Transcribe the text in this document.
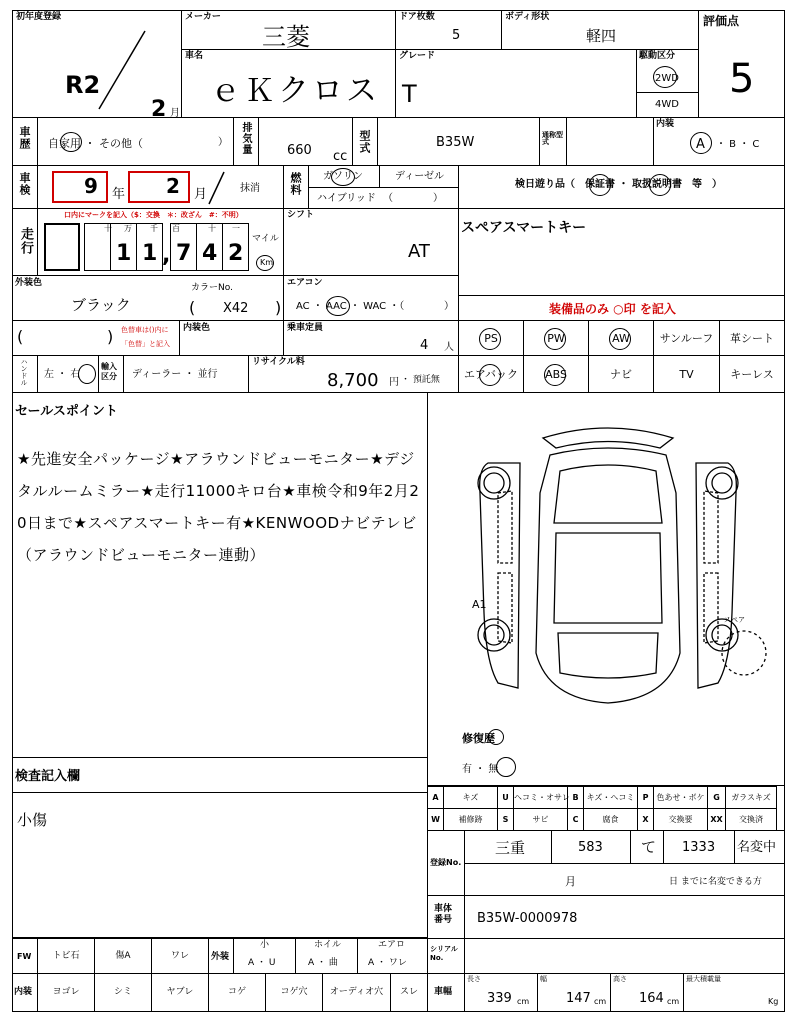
初年度登録
R2
2 月
メーカー
三菱
ドア枚数
5
ボディ形状
軽四
評価点
5
車名
ｅＫクロス
グレード
T
駆動区分
2WD
4WD
車歴 自家用 ・ その他（	） 排気量	660 cc
型式	B35W	通称型式
内装
A ・ B ・ C
車検	9 年 2 月	抹消	燃料 ガソリン	ディーゼル
ハイブリッド （　　　　）
検日遊り品（　保証書 ・ 取扱説明書　等　）
走行
口内にマークを記入（$：交換　＊：改ざん　#：不明）
十 万 千 百	十 一
1 1 , 7 4 2
マイル
Km
シフト
AT
スペアスマートキー
外装色
ブラック
カラーNo.
( X42 )
エアコン
AC ・ AAC ・ WAC ・（	）	装備品のみ ○印 を記入
(	) 色替車は()内に
「色替」と記入
内装色	乗車定員
4 人
PS	PW	AW	サンルーフ	革シート
エアバック	ABS	ナビ	TV	キーレス
ハンドル 左 ・ 右
輸入区分	ディーラー ・ 並行
リサイクル料
8,700 円 ・ 預託無
セールスポイント
★先進安全パッケージ★アラウンドビューモニター★デジタルルームミラー★走行11000キロ台★車検令和9年2月20日まで★スペアスマートキー有★KENWOODナビテレビ（アラウンドビューモニター連動）
A1
スペア
修復歴
有 ・ 無
検査記入欄
小傷
A	キズ	U ヘコミ・オサレ B	キズ・ヘコミ	P	色あせ・ボケ	G	ガラスキズ
W	補修跡	S	サビ	C	腐食	X	交換要	XX	交換済
登録No.
三重	583	て 1333 名変中
月	日 までに名変できる方
車体番号	B35W-0000978
FW	トビ石	傷A	ワレ	外装
小
A ・ U
ホイル
A ・ 曲
エアロ
A ・ ワレ
シリアルNo.
内装	ヨゴレ	シミ	ヤブレ	コゲ	コゲ穴	オーディオ穴	スレ	車幅
長さ
339 cm
幅
147 cm
高さ
164 cm
最大積載量
Kg
